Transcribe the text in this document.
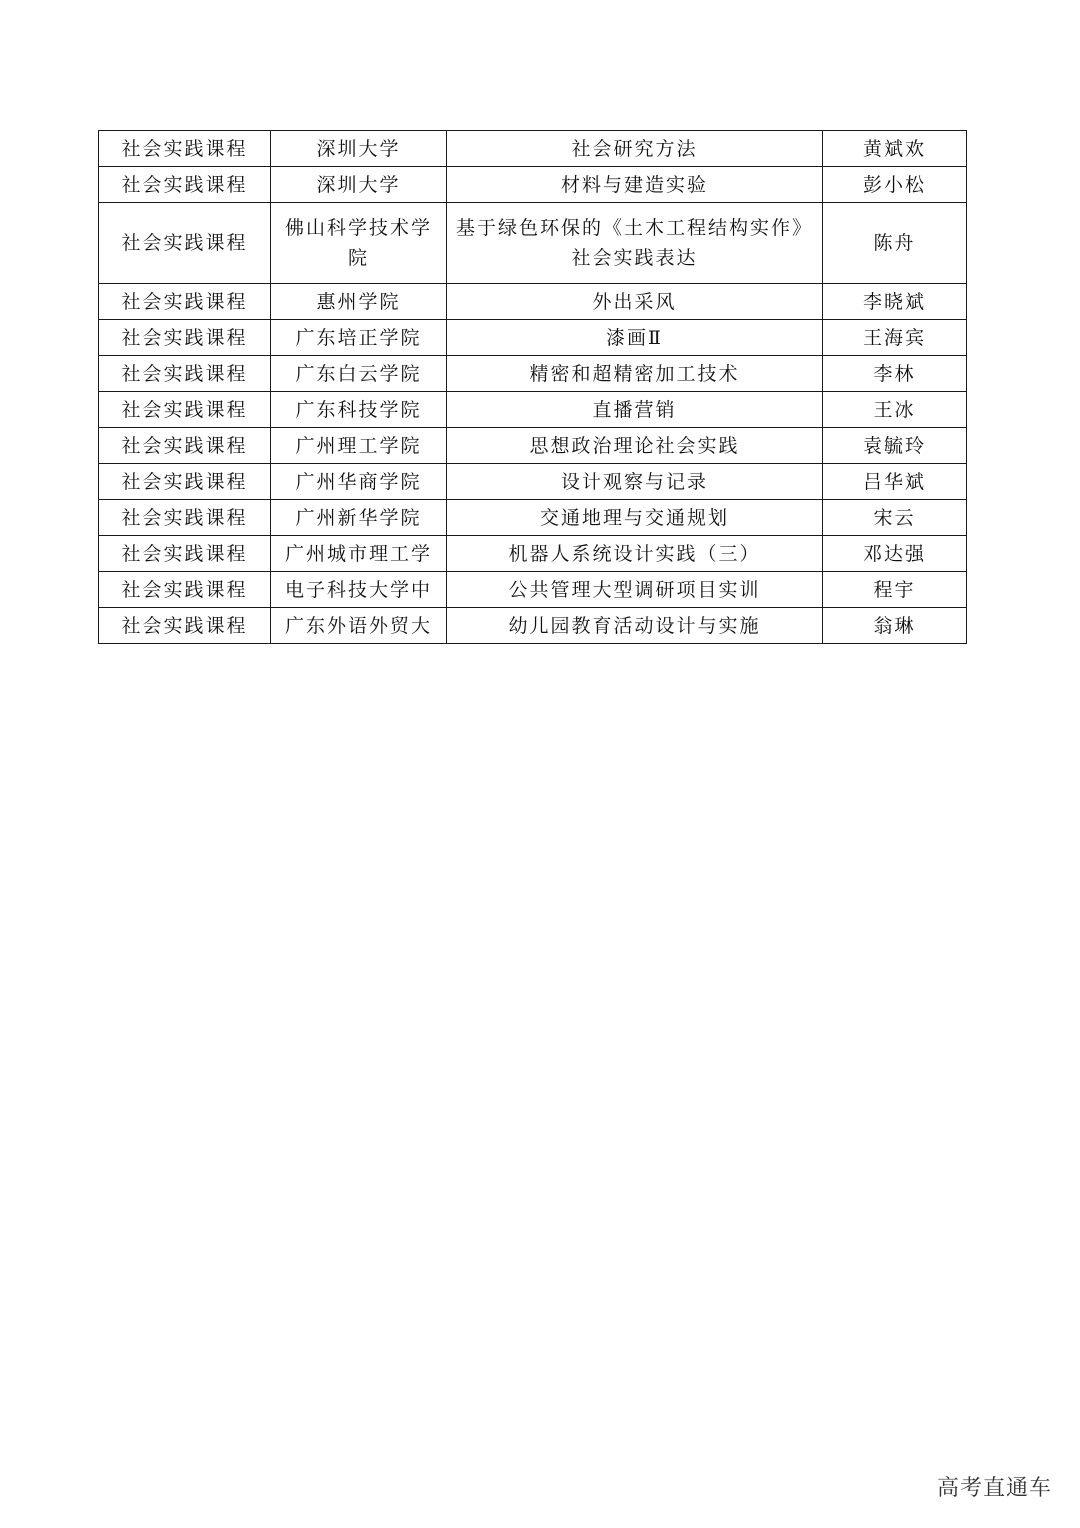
社会实践课程	深圳大学	社会研究方法	黄斌欢
社会实践课程	深圳大学	材料与建造实验	彭小松
社会实践课程	佛山科学技术学院	基于绿色环保的《土木工程结构实作》社会实践表达	陈舟
社会实践课程	惠州学院	外出采风	李晓斌
社会实践课程	广东培正学院	漆画Ⅱ	王海宾
社会实践课程	广东白云学院	精密和超精密加工技术	李林
社会实践课程	广东科技学院	直播营销	王冰
社会实践课程	广州理工学院	思想政治理论社会实践	袁毓玲
社会实践课程	广州华商学院	设计观察与记录	吕华斌
社会实践课程	广州新华学院	交通地理与交通规划	宋云
社会实践课程	广州城市理工学	机器人系统设计实践（三）	邓达强
社会实践课程	电子科技大学中	公共管理大型调研项目实训	程宇
社会实践课程	广东外语外贸大	幼儿园教育活动设计与实施	翁琳
高考直通车
